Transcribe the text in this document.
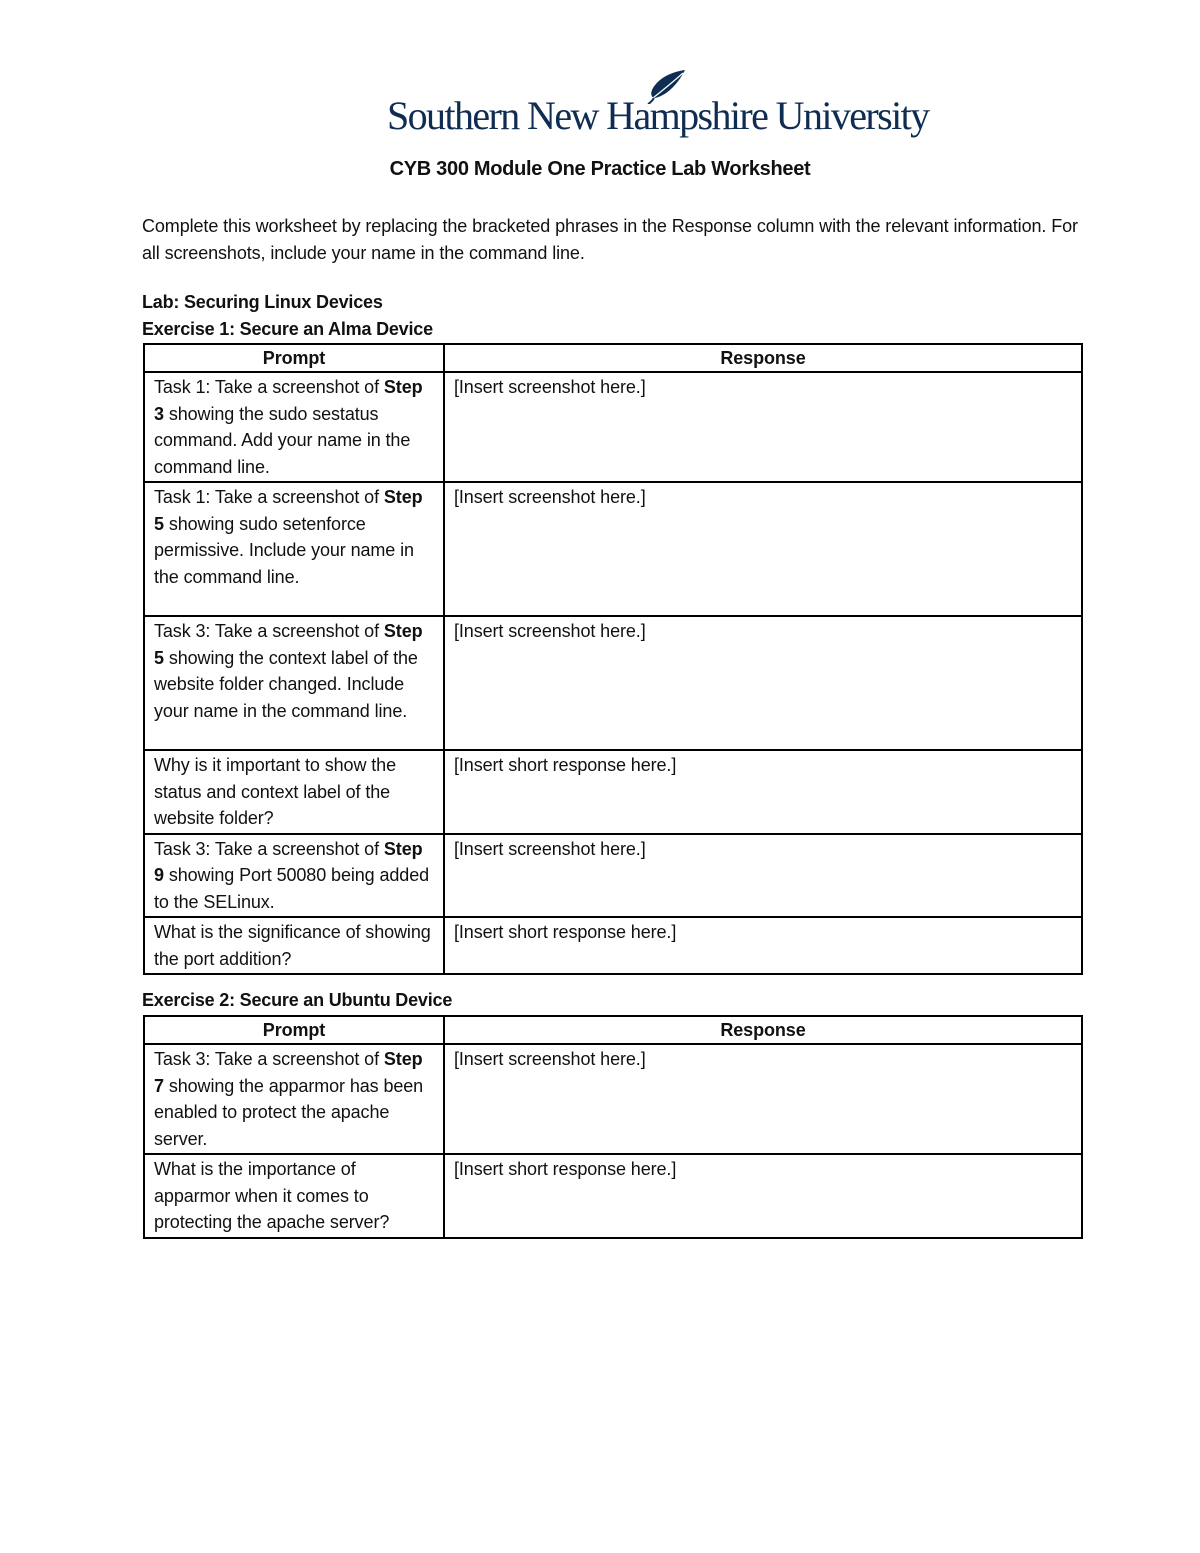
Southern New Hampshire University
CYB 300 Module One Practice Lab Worksheet
Complete this worksheet by replacing the bracketed phrases in the Response column with the relevant information. For all screenshots, include your name in the command line.
Lab: Securing Linux Devices
Exercise 1: Secure an Alma Device
Prompt	Response
Task 1: Take a screenshot of Step 3 showing the sudo sestatus command. Add your name in the command line.	[Insert screenshot here.]
Task 1: Take a screenshot of Step 5 showing sudo setenforce permissive. Include your name in the command line.	[Insert screenshot here.]
Task 3: Take a screenshot of Step 5 showing the context label of the website folder changed. Include your name in the command line.	[Insert screenshot here.]
Why is it important to show the status and context label of the website folder?	[Insert short response here.]
Task 3: Take a screenshot of Step 9 showing Port 50080 being added to the SELinux.	[Insert screenshot here.]
What is the significance of showing the port addition?	[Insert short response here.]
Exercise 2: Secure an Ubuntu Device
Prompt	Response
Task 3: Take a screenshot of Step 7 showing the apparmor has been enabled to protect the apache server.	[Insert screenshot here.]
What is the importance of apparmor when it comes to protecting the apache server?	[Insert short response here.]
